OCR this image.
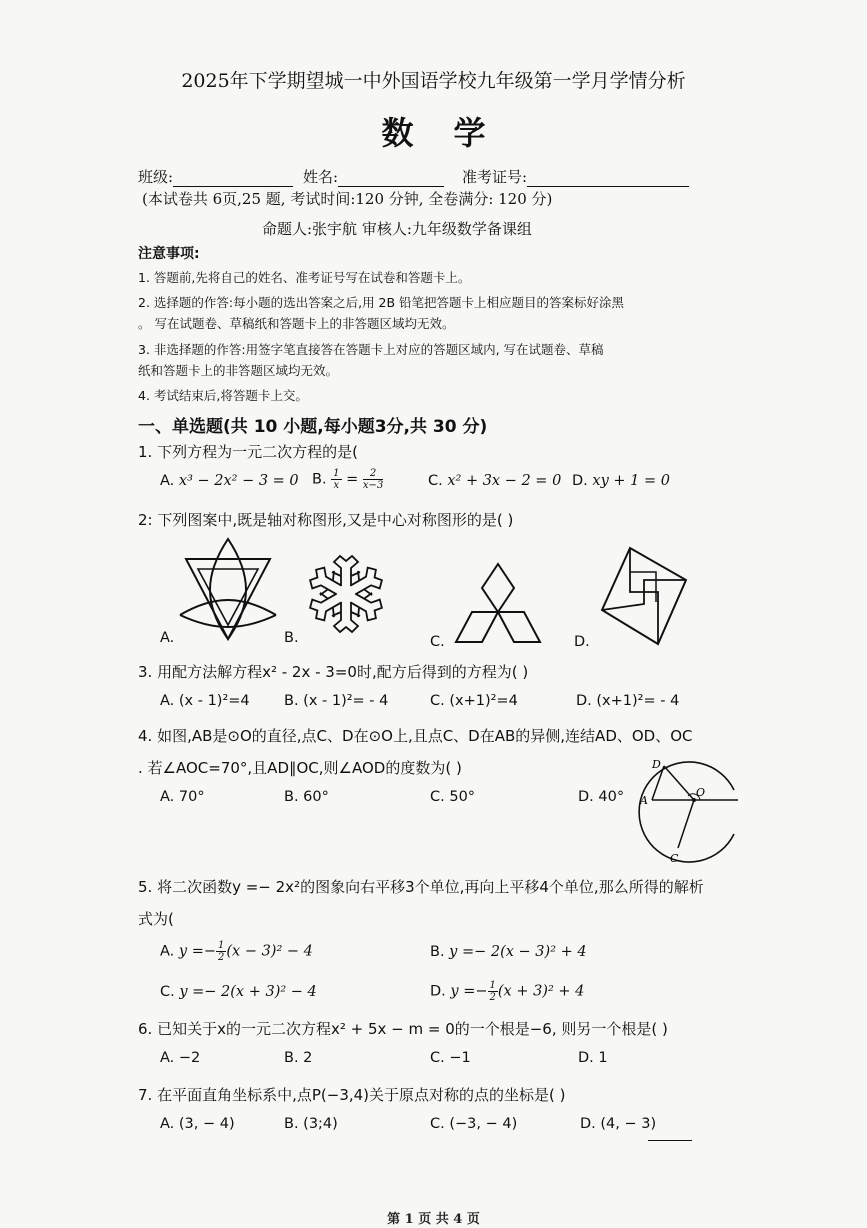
2025年下学期望城一中外国语学校九年级第一学月学情分析
数学
班级:	姓名:	准考证号:
(本试卷共 6页,25 题, 考试时间:120 分钟, 全卷满分: 120 分)
命题人:张宇航 审核人:九年级数学备课组
注意事项:
1. 答题前,先将自己的姓名、准考证号写在试卷和答题卡上。
2. 选择题的作答:每小题的选出答案之后,用 2B 铅笔把答题卡上相应题目的答案标好涂黑
。 写在试题卷、草稿纸和答题卡上的非答题区域均无效。
3. 非选择题的作答:用签字笔直接答在答题卡上对应的答题区域内, 写在试题卷、草稿
纸和答题卡上的非答题区域均无效。
4. 考试结束后,将答题卡上交。
一、单选题(共 10 小题,每小题3分,共 30 分)
1. 下列方程为一元二次方程的是(
A. x³ − 2x² − 3 = 0 B. $\frac{1}{x} = \frac{2}{x-3}$	C. x² + 3x − 2 = 0 D. xy + 1 = 0
2: 下列图案中,既是轴对称图形,又是中心对称图形的是( )
A.	B.	C.	D.
3. 用配方法解方程x² - 2x - 3=0时,配方后得到的方程为( )
A. (x - 1)²=4 B. (x - 1)²= - 4	C. (x+1)²=4	D. (x+1)²= - 4
4. 如图,AB是⊙O的直径,点C、D在⊙O上,且点C、D在AB的异侧,连结AD、OD、OC
. 若∠AOC=70°,且AD∥OC,则∠AOD的度数为( )
A. 70°	B. 60°	C. 50°	D. 40°
D
A
O
C
5. 将二次函数y =− 2x²的图象向右平移3个单位,再向上平移4个单位,那么所得的解析
式为(
A. $y =- \frac{1}{2} (x - 3)^2 - 4$	B. y =− 2(x − 3)² + 4
C. y =− 2(x + 3)² − 4	D. $y =- \frac{1}{2} (x + 3)^2 + 4$
6. 已知关于x的一元二次方程x² + 5x − m = 0的一个根是−6, 则另一个根是( )
A. −2	B. 2	C. −1	D. 1
7. 在平面直角坐标系中,点P(−3,4)关于原点对称的点的坐标是( )
A. (3, − 4)	B. (3;4)	C. (−3, − 4)	D. (4, − 3)
第 1 页 共 4 页
